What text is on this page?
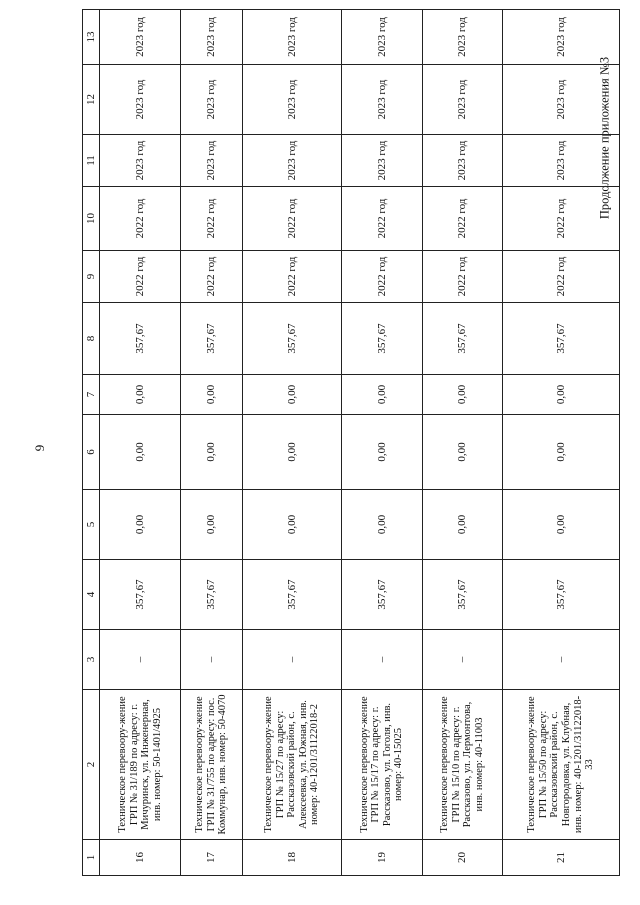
9
Продолжение приложения №3
1	2	3	4	5	6	7	8	9	10	11	12	13
16	Техническое перевоору-жение ГРП № 31/189 по адресу: г. Мичуринск, ул. Инженерная, инв. номер: 50-1401/4925	–	357,67	0,00	0,00	0,00	357,67	2022 год	2022 год	2023 год	2023 год	2023 год
17	Техническое перевоору-жение ГРП № 31/755 по адресу: пос. Коммунар, инв. номер: 50-4070	–	357,67	0,00	0,00	0,00	357,67	2022 год	2022 год	2023 год	2023 год	2023 год
18	Техническое перевоору-жение ГРП № 15/27 по адресу: Рассказовский район, с. Алексеевка, ул. Южная, инв. номер: 40-1201/31122018-2	–	357,67	0,00	0,00	0,00	357,67	2022 год	2022 год	2023 год	2023 год	2023 год
19	Техническое перевоору-жение ГРП № 15/17 по адресу: г. Рассказово, ул. Гоголя, инв. номер: 40-15025	–	357,67	0,00	0,00	0,00	357,67	2022 год	2022 год	2023 год	2023 год	2023 год
20	Техническое перевоору-жение ГРП № 15/10 по адресу: г. Рассказово, ул. Лермонтова, инв. номер: 40-11003	–	357,67	0,00	0,00	0,00	357,67	2022 год	2022 год	2023 год	2023 год	2023 год
21	Техническое перевоору-жение ГРП № 15/50 по адресу: Рассказовский район, с. Новгородовка, ул. Клубная, инв. номер: 40-1201/31122018-33	–	357,67	0,00	0,00	0,00	357,67	2022 год	2022 год	2023 год	2023 год	2023 год
